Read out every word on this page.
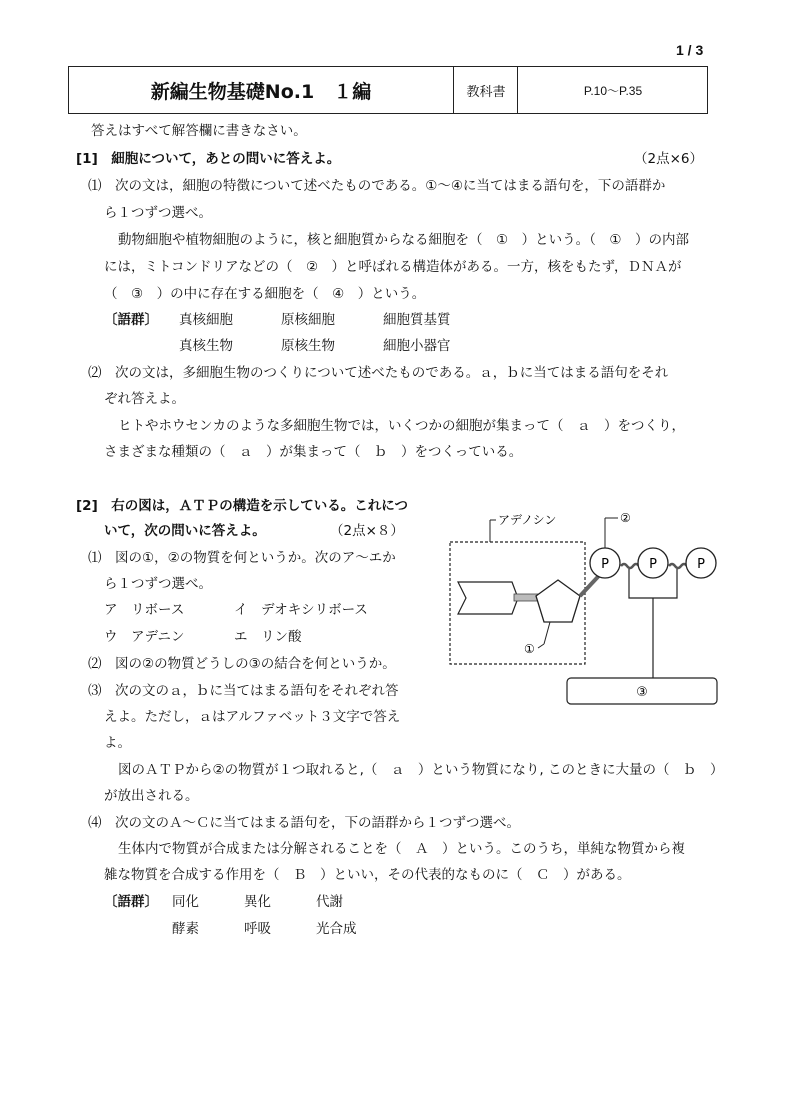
1 / 3
新編生物基礎No.1　１編	教科書	P.10～P.35
答えはすべて解答欄に書きなさい。
[1]　細胞について，あとの問いに答えよ。	（2点×6）
⑴　次の文は，細胞の特徴について述べたものである。①～④に当てはまる語句を，下の語群か
ら１つずつ選べ。
動物細胞や植物細胞のように，核と細胞質からなる細胞を（　①　）という。（　①　）の内部
には，ミトコンドリアなどの（　②　）と呼ばれる構造体がある。一方，核をもたず，ＤＮＡが
（　③　）の中に存在する細胞を（　④　）という。
〔語群〕 真核細胞	原核細胞	細胞質基質
真核生物	原核生物	細胞小器官
⑵　次の文は，多細胞生物のつくりについて述べたものである。ａ，ｂに当てはまる語句をそれ
ぞれ答えよ。
ヒトやホウセンカのような多細胞生物では，いくつかの細胞が集まって（　ａ　）をつくり，
さまざまな種類の（　ａ　）が集まって（　ｂ　）をつくっている。
[2]　右の図は，ＡＴＰの構造を示している。これにつ
いて，次の問いに答えよ。	（2点×８）
⑴　図の①，②の物質を何というか。次のア～エか
ら１つずつ選べ。
ア　リボース	イ　デオキシリボース
ウ　アデニン	エ　リン酸
⑵　図の②の物質どうしの③の結合を何というか。
⑶　次の文のａ，ｂに当てはまる語句をそれぞれ答
えよ。ただし，ａはアルファベット３文字で答え
よ。
図のＡＴＰから②の物質が１つ取れると,（　ａ　）という物質になり, このときに大量の（　ｂ　）
が放出される。
⑷　次の文のＡ～Ｃに当てはまる語句を，下の語群から１つずつ選べ。
生体内で物質が合成または分解されることを（　Ａ　）という。このうち，単純な物質から複
雑な物質を合成する作用を（　Ｂ　）といい，その代表的なものに（　Ｃ　）がある。
〔語群〕 同化	異化	代謝
酵素	呼吸	光合成
アデノシン
①
②
P	P	P
③
